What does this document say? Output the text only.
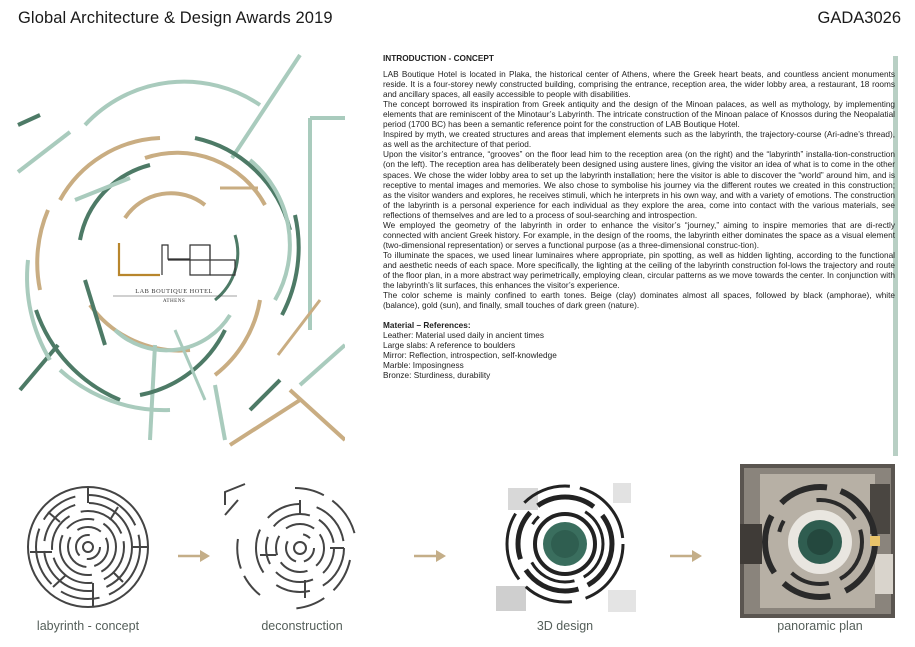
Global Architecture & Design Awards 2019	GADA3026
LAB BOUTIQUE HOTEL
ATHENS
INTRODUCTION - CONCEPT

LAB Boutique Hotel is located in Plaka, the historical center of Athens, where the Greek heart beats, and countless ancient monuments reside. It is a four-storey newly constructed building, comprising the entrance, reception area, the wider lobby area, a restaurant, 18 rooms and ancillary spaces, all easily accessible to people with disabilities.

The concept borrowed its inspiration from Greek antiquity and the design of the Minoan palaces, as well as mythology, by implementing elements that are reminiscent of the Minotaur’s Labyrinth. The intricate construction of the Minoan palace of Knossos during the Neopalatial period (1700 BC) has been a semantic reference point for the construction of LAB Boutique Hotel.

Inspired by myth, we created structures and areas that implement elements such as the labyrinth, the trajectory-course (Ari-adne’s thread), as well as the architecture of that period.

Upon the visitor’s entrance, “grooves” on the floor lead him to the reception area (on the right) and the “labyrinth” installa-tion-construction (on the left). The reception area has deliberately been designed using austere lines, giving the visitor an idea of what is to come in the other spaces. We chose the wider lobby area to set up the labyrinth installation; here the visitor is able to discover the “world” around him, and is receptive to mental images and memories. We also chose to symbolise his journey via the different routes we created in this construction; as the visitor wanders and explores, he receives stimuli, which he interprets in his own way, and with a variety of emotions. The construction of the labyrinth is a personal experience for each individual as they explore the area, come into contact with the various materials, see reflections of themselves and are led to a process of soul-searching and introspection.

We employed the geometry of the labyrinth in order to enhance the visitor’s “journey,” aiming to inspire memories that are di-rectly connected with ancient Greek history. For example, in the design of the rooms, the labyrinth either dominates the space as a visual element (two-dimensional representation) or serves a functional purpose (as a three-dimensional construc-tion).

To illuminate the spaces, we used linear luminaires where appropriate, pin spotting, as well as hidden lighting, according to the functional and aesthetic needs of each space. More specifically, the lighting at the ceiling of the labyrinth construction fol-lows the trajectory and route of the floor plan, in a more abstract way perimetrically, employing clean, circular patterns as we move towards the center. In conjunction with the labyrinth’s lit surfaces, this enhances the visitor’s experience.

The color scheme is mainly confined to earth tones. Beige (clay) dominates almost all spaces, followed by black (amphorae), white (balance), gold (sun), and finally, small touches of dark green (nature).

Material – References:
Leather: Material used daily in ancient times
Large slabs: A reference to boulders
Mirror: Reflection, introspection, self-knowledge
Marble: Imposingness
Bronze: Sturdiness, durability
labyrinth - concept	deconstruction	3D design	panoramic plan
